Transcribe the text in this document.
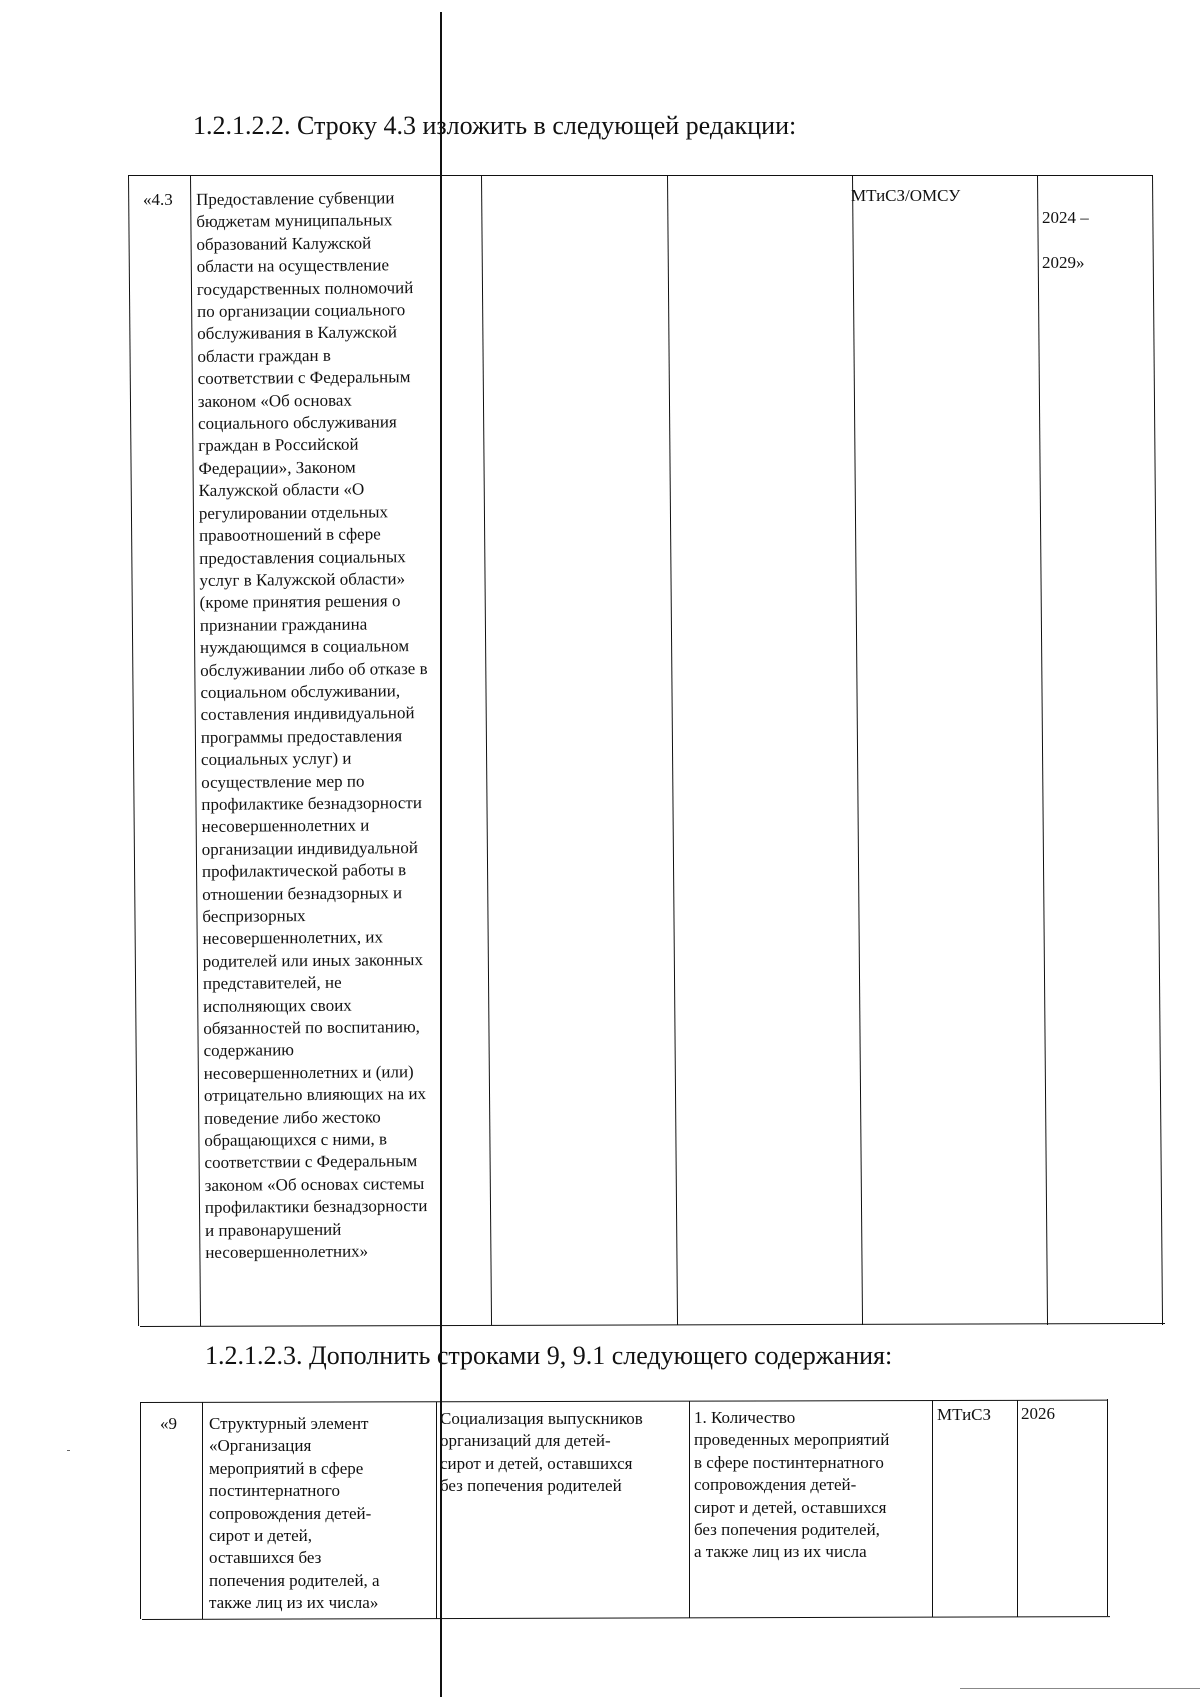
1.2.1.2.2. Строку 4.3 изложить в следующей редакции:
«4.3 Предоставление субвенции
бюджетам муниципальных
образований Калужской
области на осуществление
государственных полномочий
по организации социального
обслуживания в Калужской
области граждан в
соответствии с Федеральным
законом «Об основах
социального обслуживания
граждан в Российской
Федерации», Законом
Калужской области «О
регулировании отдельных
правоотношений в сфере
предоставления социальных
услуг в Калужской области»
(кроме принятия решения о
признании гражданина
нуждающимся в социальном
обслуживании либо об отказе в
социальном обслуживании,
составления индивидуальной
программы предоставления
социальных услуг) и
осуществление мер по
профилактике безнадзорности
несовершеннолетних и
организации индивидуальной
профилактической работы в
отношении безнадзорных и
беспризорных
несовершеннолетних, их
родителей или иных законных
представителей, не
исполняющих своих
обязанностей по воспитанию,
содержанию
несовершеннолетних и (или)
отрицательно влияющих на их
поведение либо жестоко
обращающихся с ними, в
соответствии с Федеральным
законом «Об основах системы
профилактики безнадзорности
и правонарушений
несовершеннолетних»
МТиСЗ/ОМСУ

2024 –

2029»

1.2.1.2.3. Дополнить строками 9, 9.1 следующего содержания:
«9 Структурный элемент
«Организация
мероприятий в сфере
постинтернатного
сопровождения детей-
сирот и детей,
оставшихся без
попечения родителей, а
также лиц из их числа»
Социализация выпускников
организаций для детей-
сирот и детей, оставшихся
без попечения родителей
1. Количество
проведенных мероприятий
в сфере постинтернатного
сопровождения детей-
сирот и детей, оставшихся
без попечения родителей,
а также лиц из их числа
МТиСЗ 2026
